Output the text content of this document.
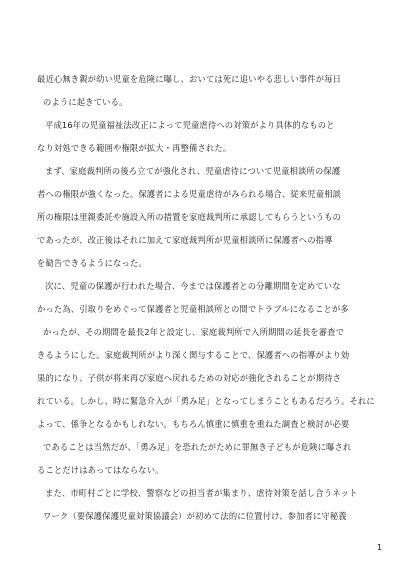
最近心無き親が幼い児童を危険に曝し、おいては死に追いやる悲しい事件が毎日
のように起きている。
平成16年の児童福祉法改正によって児童虐待への対策がより具体的なものと
なり対処できる範囲や権限が拡大・再整備された。
まず、家庭裁判所の後ろ立てが強化され、児童虐待について児童相談所の保護
者への権限が強くなった。保護者による児童虐待がみられる場合、従来児童相談
所の権限は里親委託や施設入所の措置を家庭裁判所に承認してもらうというもの
であったが、改正後はそれに加えて家庭裁判所が児童相談所に保護者への指導
を勧告できるようになった。
次に、児童の保護が行われた場合、今までは保護者との分離期間を定めていな
かった為、引取りをめぐって保護者と児童相談所との間でトラブルになることが多
かったが、その期間を最長2年と設定し、家庭裁判所で入所期間の延長を審査で
きるようにした。家庭裁判所がより深く関与することで、保護者への指導がより効
果的になり、子供が将来再び家庭へ戻れるための対応が強化されることが期待さ
れている。しかし、時に緊急介入が「勇み足」となってしまうこともあるだろう。それに
よって、係争となるかもしれない。もちろん慎重に慎重を重ねた調査と検討が必要
であることは当然だが、「勇み足」を恐れたがために罪無き子どもが危険に曝され
ることだけはあってはならない。
また、市町村ごとに学校、警察などの担当者が集まり、虐待対策を話し合うネット
ワーク（要保護保護児童対策協議会）が初めて法的に位置付け、参加者に守秘義
1
